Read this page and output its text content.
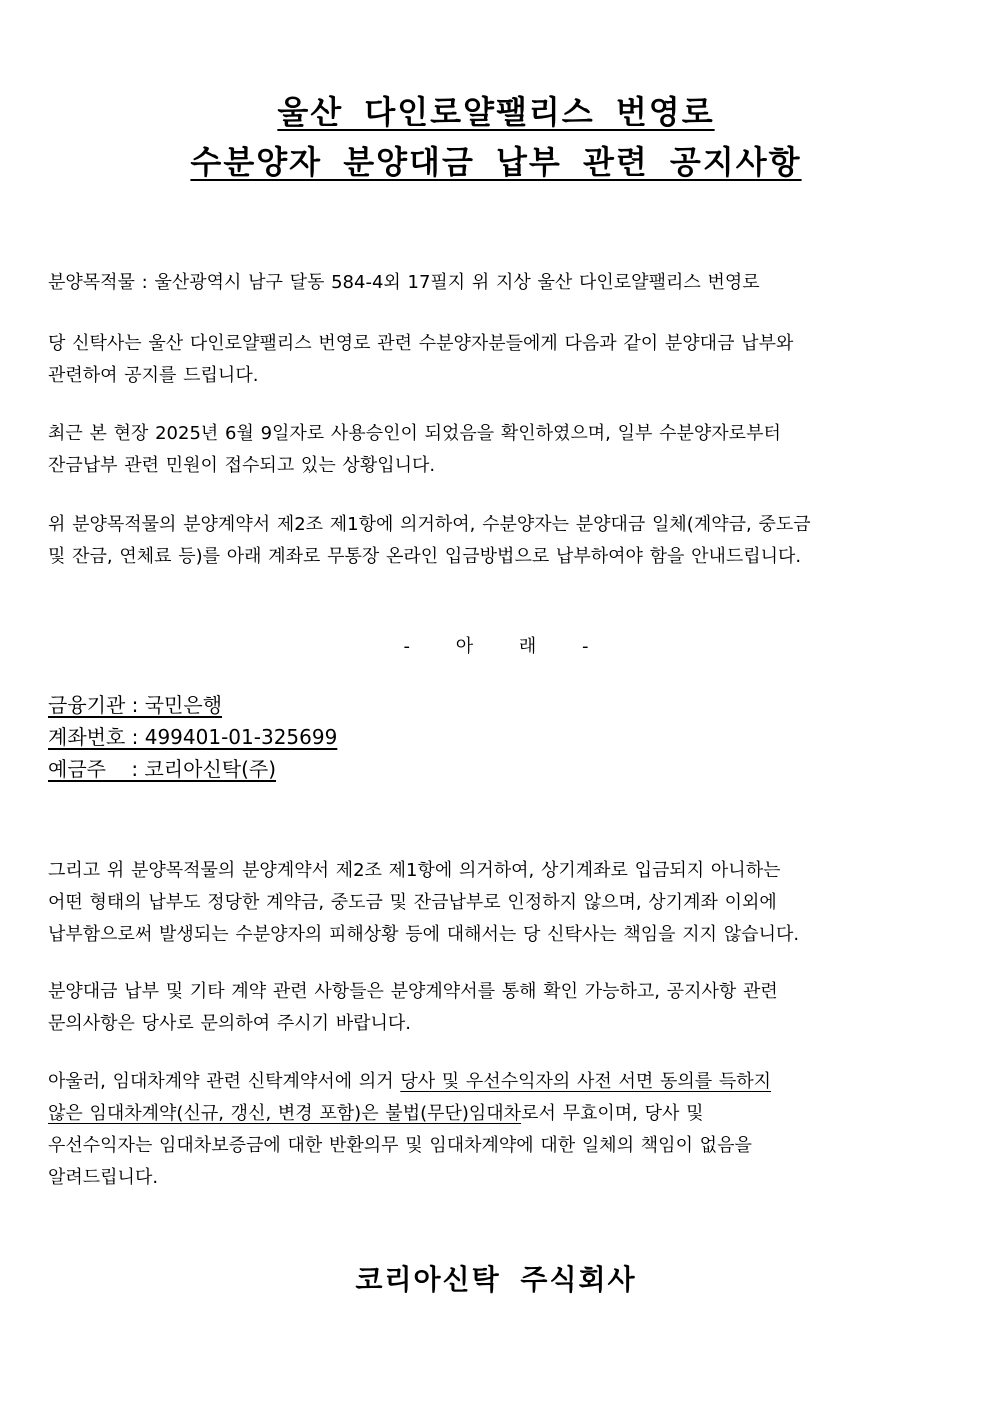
울산 다인로얄팰리스 번영로
수분양자 분양대금 납부 관련 공지사항
분양목적물 : 울산광역시 남구 달동 584-4외 17필지 위 지상 울산 다인로얄팰리스 번영로
당 신탁사는 울산 다인로얄팰리스 번영로 관련 수분양자분들에게 다음과 같이 분양대금 납부와
관련하여 공지를 드립니다.
최근 본 현장 2025년 6월 9일자로 사용승인이 되었음을 확인하였으며, 일부 수분양자로부터
잔금납부 관련 민원이 접수되고 있는 상황입니다.
위 분양목적물의 분양계약서 제2조 제1항에 의거하여, 수분양자는 분양대금 일체(계약금, 중도금
및 잔금, 연체료 등)를 아래 계좌로 무통장 온라인 입금방법으로 납부하여야 함을 안내드립니다.
- 아 래 -
금융기관 : 국민은행
계좌번호 : 499401-01-325699
예금주    : 코리아신탁(주)
그리고 위 분양목적물의 분양계약서 제2조 제1항에 의거하여, 상기계좌로 입금되지 아니하는
어떤 형태의 납부도 정당한 계약금, 중도금 및 잔금납부로 인정하지 않으며, 상기계좌 이외에
납부함으로써 발생되는 수분양자의 피해상황 등에 대해서는 당 신탁사는 책임을 지지 않습니다.
분양대금 납부 및 기타 계약 관련 사항들은 분양계약서를 통해 확인 가능하고, 공지사항 관련
문의사항은 당사로 문의하여 주시기 바랍니다.
아울러, 임대차계약 관련 신탁계약서에 의거 당사 및 우선수익자의 사전 서면 동의를 득하지
않은 임대차계약(신규, 갱신, 변경 포함)은 불법(무단)임대차로서 무효이며, 당사 및
우선수익자는 임대차보증금에 대한 반환의무 및 임대차계약에 대한 일체의 책임이 없음을
알려드립니다.
코리아신탁 주식회사
